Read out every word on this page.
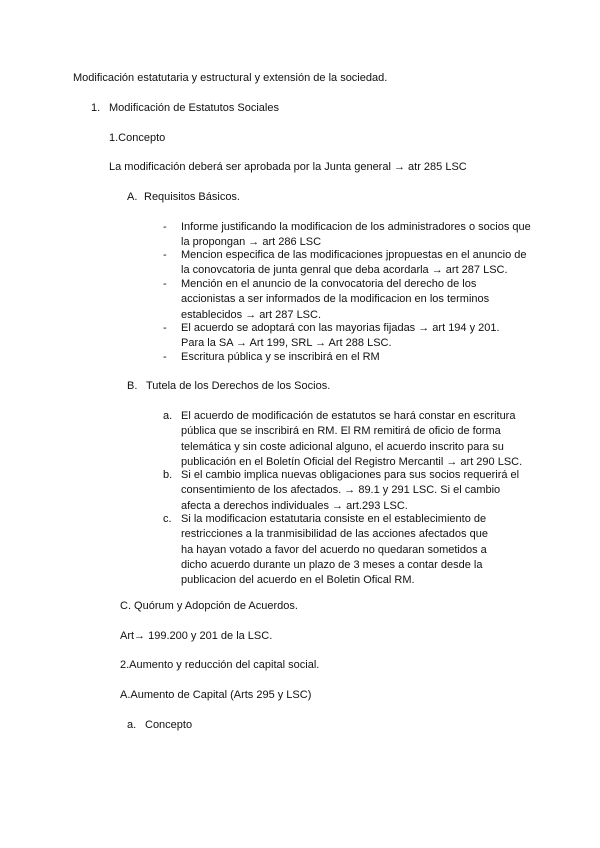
Modificación estatutaria y estructural y extensión de la sociedad.
1. Modificación de Estatutos Sociales
1.Concepto
La modificación deberá ser aprobada por la Junta general → atr 285 LSC
A. Requisitos Básicos.
- Informe justificando la modificacion de los administradores o socios que la propongan → art 286 LSC
- Mencion especifica de las modificaciones jpropuestas en el anuncio de la conovcatoria de junta genral que deba acordarla → art 287 LSC.
- Mención en el anuncio de la convocatoria del derecho de los accionistas a ser informados de la modificacion en los terminos establecidos → art 287 LSC.
- El acuerdo se adoptará con las mayorias fijadas → art 194 y 201. Para la SA → Art 199, SRL → Art 288 LSC.
- Escritura pública y se inscribirá en el RM
B. Tutela de los Derechos de los Socios.
a. El acuerdo de modificación de estatutos se hará constar en escritura pública que se inscribirá en RM. El RM remitirá de oficio de forma telemática y sin coste adicional alguno, el acuerdo inscrito para su publicación en el Boletín Oficial del Registro Mercantil → art 290 LSC.
b. Si el cambio implica nuevas obligaciones para sus socios requerirá el consentimiento de los afectados. → 89.1 y 291 LSC. Si el cambio afecta a derechos individuales → art.293 LSC.
c. Si la modificacion estatutaria consiste en el establecimiento de restricciones a la tranmisibilidad de las acciones afectados que ha hayan votado a favor del acuerdo no quedaran sometidos a dicho acuerdo durante un plazo de 3 meses a contar desde la publicacion del acuerdo en el Boletin Ofical RM.
C. Quórum y Adopción de Acuerdos.
Art→ 199.200 y 201 de la LSC.
2.Aumento y reducción del capital social.
A.Aumento de Capital (Arts 295 y LSC)
a. Concepto
